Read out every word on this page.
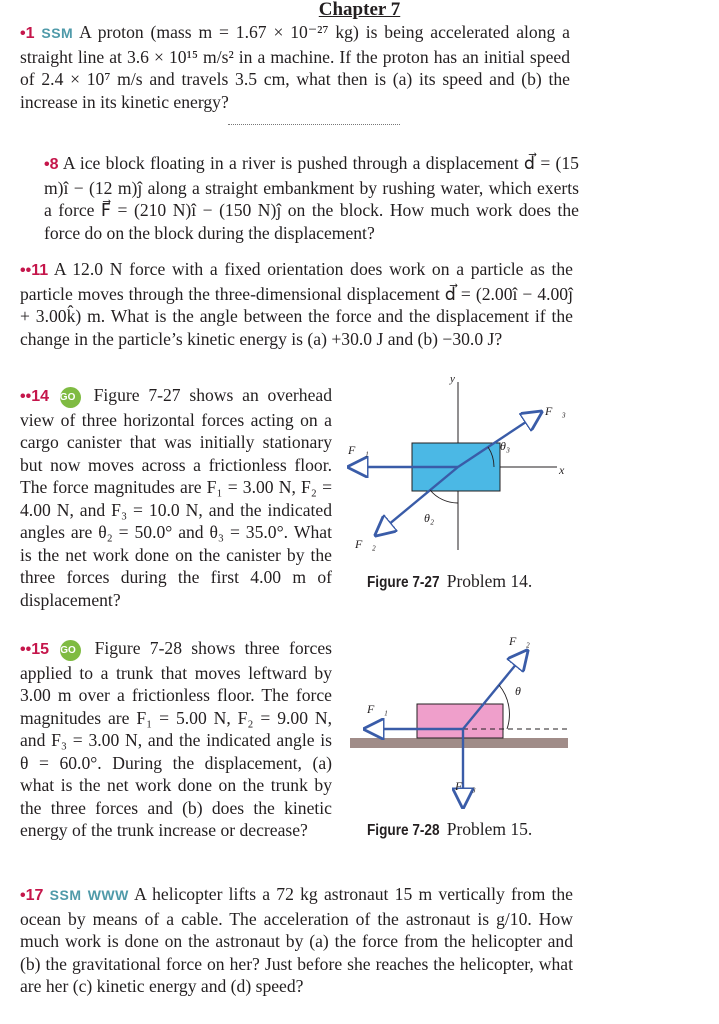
Chapter 7
•1 SSM A proton (mass m = 1.67 × 10⁻²⁷ kg) is being accelerated along a straight line at 3.6 × 10¹⁵ m/s² in a machine. If the proton has an initial speed of 2.4 × 10⁷ m/s and travels 3.5 cm, what then is (a) its speed and (b) the increase in its kinetic energy?
•8 A ice block floating in a river is pushed through a displacement d⃗ = (15 m)î − (12 m)ĵ along a straight embankment by rushing water, which exerts a force F⃗ = (210 N)î − (150 N)ĵ on the block. How much work does the force do on the block during the displacement?
••11 A 12.0 N force with a fixed orientation does work on a particle as the particle moves through the three-dimensional displacement d⃗ = (2.00î − 4.00ĵ + 3.00k̂) m. What is the angle between the force and the displacement if the change in the particle’s kinetic energy is (a) +30.0 J and (b) −30.0 J?
••14 GO Figure 7-27 shows an overhead view of three horizontal forces acting on a cargo canister that was initially stationary but now moves across a frictionless floor. The force magnitudes are F₁ = 3.00 N, F₂ = 4.00 N, and F₃ = 10.0 N, and the indicated angles are θ₂ = 50.0° and θ₃ = 35.0°. What is the net work done on the canister by the three forces during the first 4.00 m of displacement?
y
x
F⃗₁
F⃗₂
F⃗₃
θ₂
θ₃
Figure 7-27 Problem 14.
••15 GO Figure 7-28 shows three forces applied to a trunk that moves leftward by 3.00 m over a frictionless floor. The force magnitudes are F₁ = 5.00 N, F₂ = 9.00 N, and F₃ = 3.00 N, and the indicated angle is θ = 60.0°. During the displacement, (a) what is the net work done on the trunk by the three forces and (b) does the kinetic energy of the trunk increase or decrease?
F⃗₁
F⃗₂
F⃗₃
θ
Figure 7-28 Problem 15.
•17 SSM WWW A helicopter lifts a 72 kg astronaut 15 m vertically from the ocean by means of a cable. The acceleration of the astronaut is g/10. How much work is done on the astronaut by (a) the force from the helicopter and (b) the gravitational force on her? Just before she reaches the helicopter, what are her (c) kinetic energy and (d) speed?
